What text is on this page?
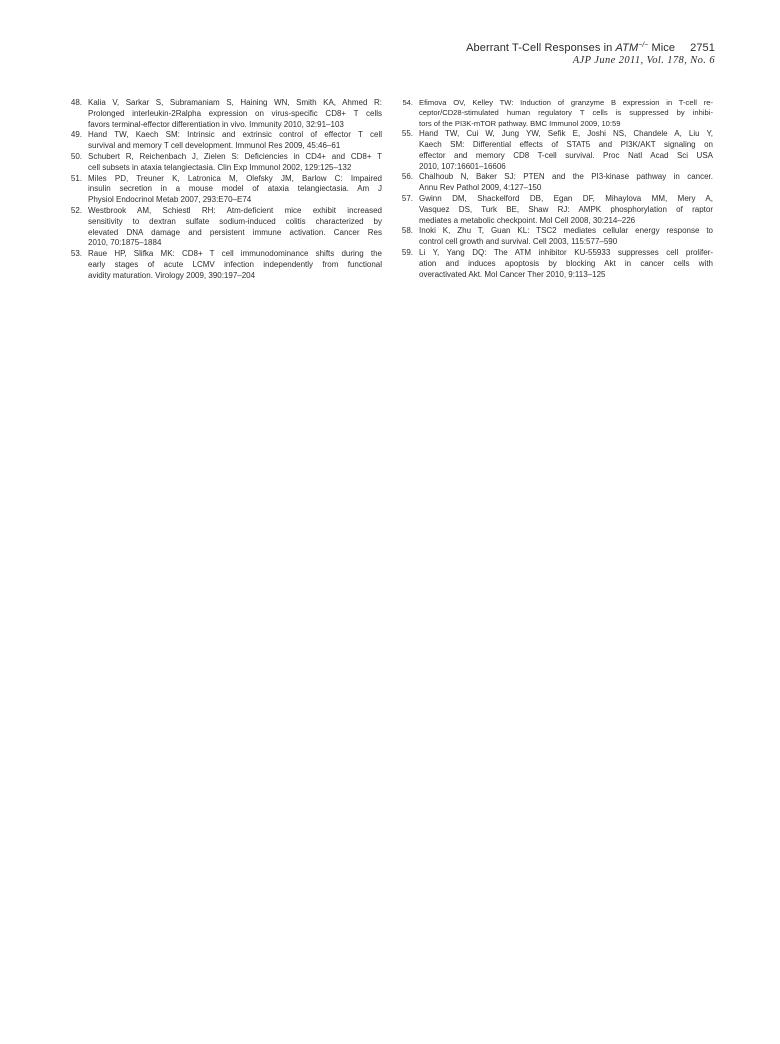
Aberrant T-Cell Responses in ATM−/− Mice 2751
AJP June 2011, Vol. 178, No. 6
48. Kalia V, Sarkar S, Subramaniam S, Haining WN, Smith KA, Ahmed R:
Prolonged interleukin-2Ralpha expression on virus-specific CD8+ T cells
favors terminal-effector differentiation in vivo. Immunity 2010, 32:91–103
49. Hand TW, Kaech SM: Intrinsic and extrinsic control of effector T cell
survival and memory T cell development. Immunol Res 2009, 45:46–61
50. Schubert R, Reichenbach J, Zielen S: Deficiencies in CD4+ and CD8+ T
cell subsets in ataxia telangiectasia. Clin Exp Immunol 2002, 129:125–132
51. Miles PD, Treuner K, Latronica M, Olefsky JM, Barlow C: Impaired
insulin secretion in a mouse model of ataxia telangiectasia. Am J
Physiol Endocrinol Metab 2007, 293:E70–E74
52. Westbrook AM, Schiestl RH: Atm-deficient mice exhibit increased
sensitivity to dextran sulfate sodium-induced colitis characterized by
elevated DNA damage and persistent immune activation. Cancer Res
2010, 70:1875–1884
53. Raue HP, Slifka MK: CD8+ T cell immunodominance shifts during the
early stages of acute LCMV infection independently from functional
avidity maturation. Virology 2009, 390:197–204
54. Efimova OV, Kelley TW: Induction of granzyme B expression in T-cell re-
ceptor/CD28-stimulated human regulatory T cells is suppressed by inhibi-
tors of the PI3K-mTOR pathway. BMC Immunol 2009, 10:59
55. Hand TW, Cui W, Jung YW, Sefik E, Joshi NS, Chandele A, Liu Y,
Kaech SM: Differential effects of STAT5 and PI3K/AKT signaling on
effector and memory CD8 T-cell survival. Proc Natl Acad Sci USA
2010, 107:16601–16606
56. Chalhoub N, Baker SJ: PTEN and the PI3-kinase pathway in cancer.
Annu Rev Pathol 2009, 4:127–150
57. Gwinn DM, Shackelford DB, Egan DF, Mihaylova MM, Mery A,
Vasquez DS, Turk BE, Shaw RJ: AMPK phosphorylation of raptor
mediates a metabolic checkpoint. Mol Cell 2008, 30:214–226
58. Inoki K, Zhu T, Guan KL: TSC2 mediates cellular energy response to
control cell growth and survival. Cell 2003, 115:577–590
59. Li Y, Yang DQ: The ATM inhibitor KU-55933 suppresses cell prolifer-
ation and induces apoptosis by blocking Akt in cancer cells with
overactivated Akt. Mol Cancer Ther 2010, 9:113–125
